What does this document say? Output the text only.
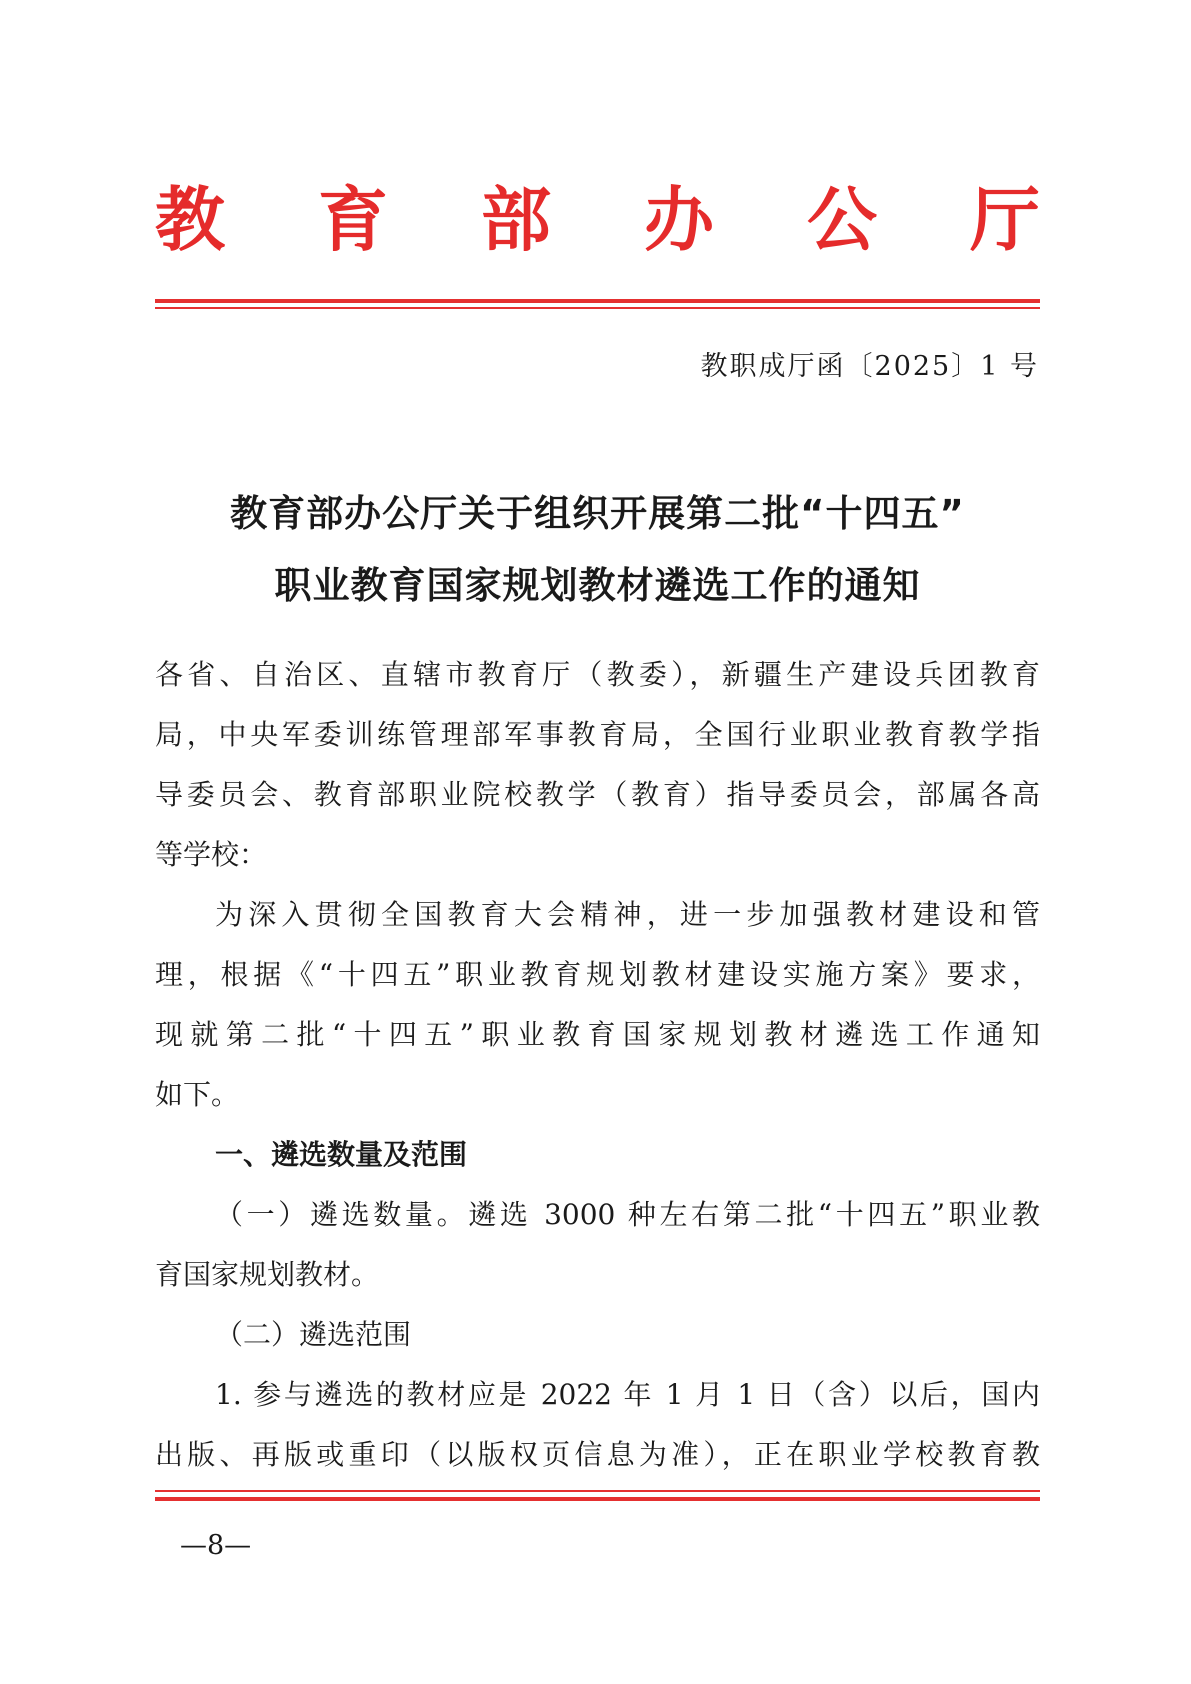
教 育 部 办 公 厅
教职成厅函〔2025〕1 号
教育部办公厅关于组织开展第二批“十四五”
职业教育国家规划教材遴选工作的通知
各省、自治区、直辖市教育厅（教委），新疆生产建设兵团教育
局，中央军委训练管理部军事教育局，全国行业职业教育教学指
导委员会、教育部职业院校教学（教育）指导委员会，部属各高
等学校：
为深入贯彻全国教育大会精神，进一步加强教材建设和管
理，根据《“十四五”职业教育规划教材建设实施方案》要求，
现就第二批“十四五”职业教育国家规划教材遴选工作通知
如下。
一、遴选数量及范围
（一）遴选数量。遴选 3000 种左右第二批“十四五”职业教
育国家规划教材。
（二）遴选范围
1. 参与遴选的教材应是 2022 年 1 月 1 日（含）以后，国内
出版、再版或重印（以版权页信息为准），正在职业学校教育教
—8—
